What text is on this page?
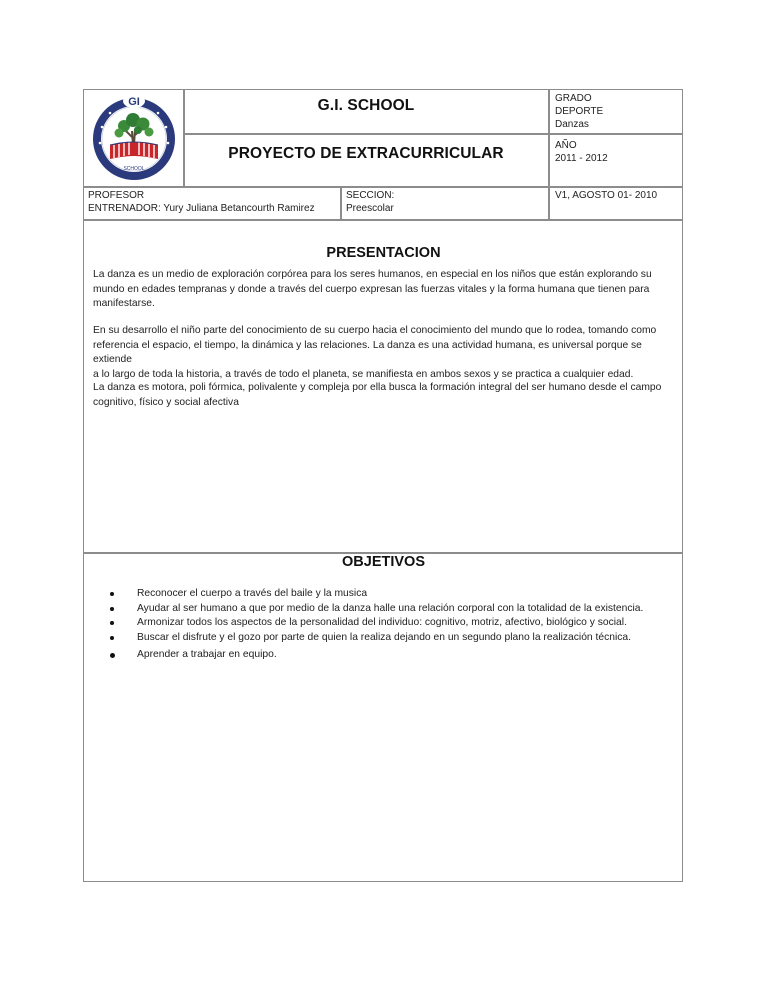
GI
SCHOOL
G.I. SCHOOL
PROYECTO DE EXTRACURRICULAR
GRADO
DEPORTE
Danzas
AÑO
2011 - 2012
PROFESOR
ENTRENADOR: Yury Juliana Betancourth Ramirez
SECCION:
Preescolar
V1, AGOSTO 01- 2010
PRESENTACION
La danza es un medio de exploración corpórea para los seres humanos, en especial en los niños que están explorando su
mundo en edades tempranas y donde a través del cuerpo expresan las fuerzas vitales y la forma humana que tienen para
manifestarse.
En su desarrollo el niño parte del conocimiento de su cuerpo hacia el conocimiento del mundo que lo rodea, tomando como
referencia el espacio, el tiempo, la dinámica y las relaciones. La danza es una actividad humana, es universal porque se extiende
a lo largo de toda la historia, a través de todo el planeta, se manifiesta en ambos sexos y se practica a cualquier edad.
La danza es motora, poli fórmica, polivalente y compleja por ella busca la formación integral del ser humano desde el campo
cognitivo, físico y social afectiva
OBJETIVOS
Reconocer el cuerpo a través del baile y la musica
Ayudar al ser humano a que por medio de la danza halle una relación corporal con la totalidad de la existencia.
Armonizar todos los aspectos de la personalidad del individuo: cognitivo, motriz, afectivo, biológico y social.
Buscar el disfrute y el gozo por parte de quien la realiza dejando en un segundo plano la realización técnica.
Aprender a trabajar en equipo.
